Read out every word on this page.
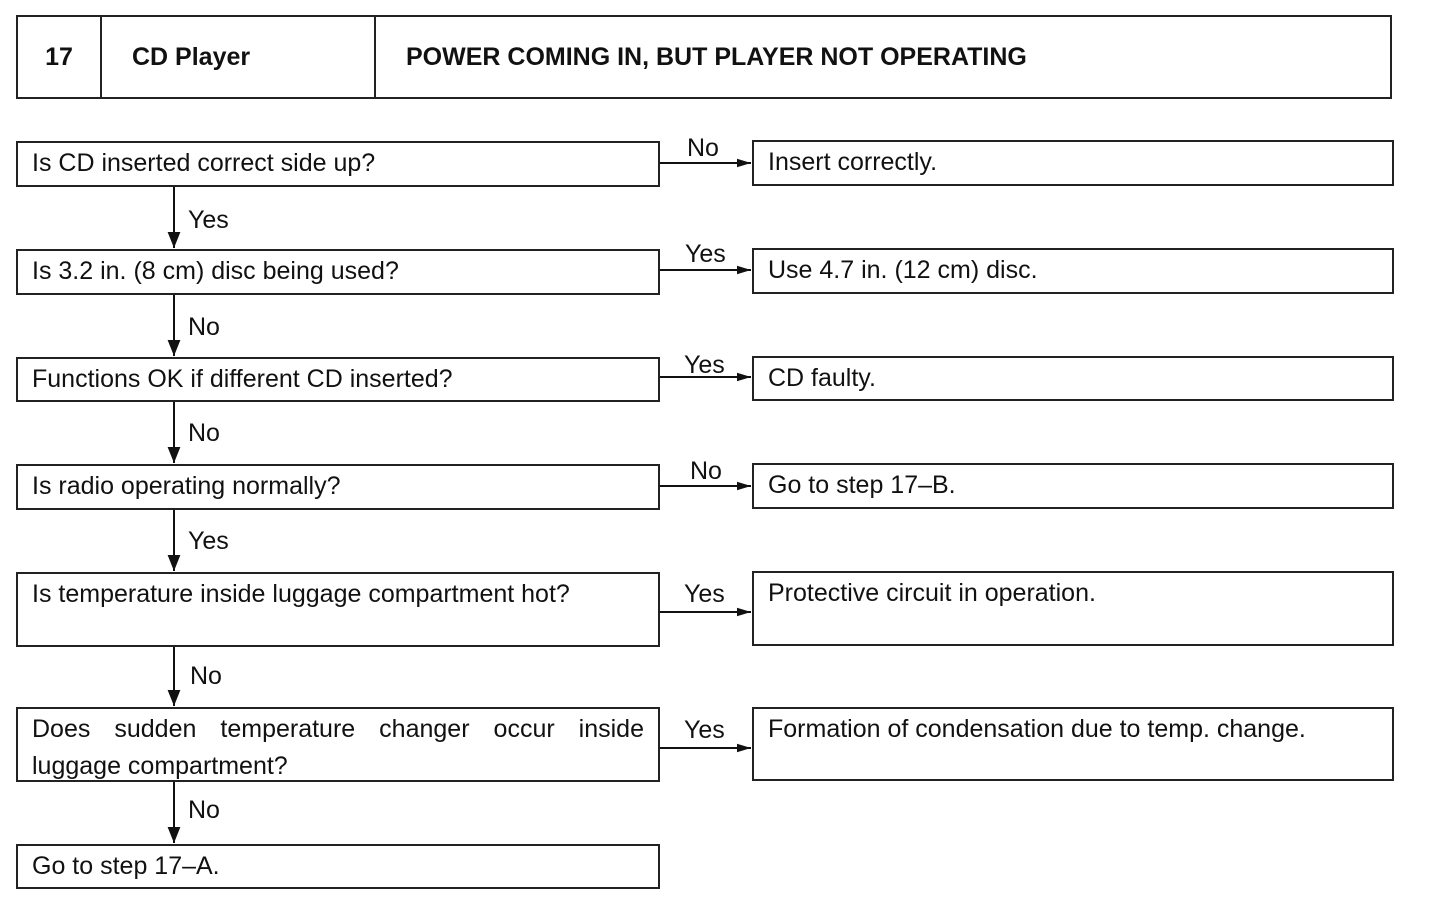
17	CD Player	POWER COMING IN, BUT PLAYER NOT OPERATING
Is CD inserted correct side up?
No	Insert correctly.
Yes
Is 3.2 in. (8 cm) disc being used?
Yes
Use 4.7 in. (12 cm) disc.
No
Functions OK if different CD inserted?	Yes	CD faulty.
No
Is radio operating normally?
No	Go to step 17–B.
Yes
Is temperature inside luggage compartment hot?	Yes	Protective circuit in operation.
No
Does sudden temperature changer occur inside luggage compartment?
Yes	Formation of condensation due to temp. change.
No
Go to step 17–A.
